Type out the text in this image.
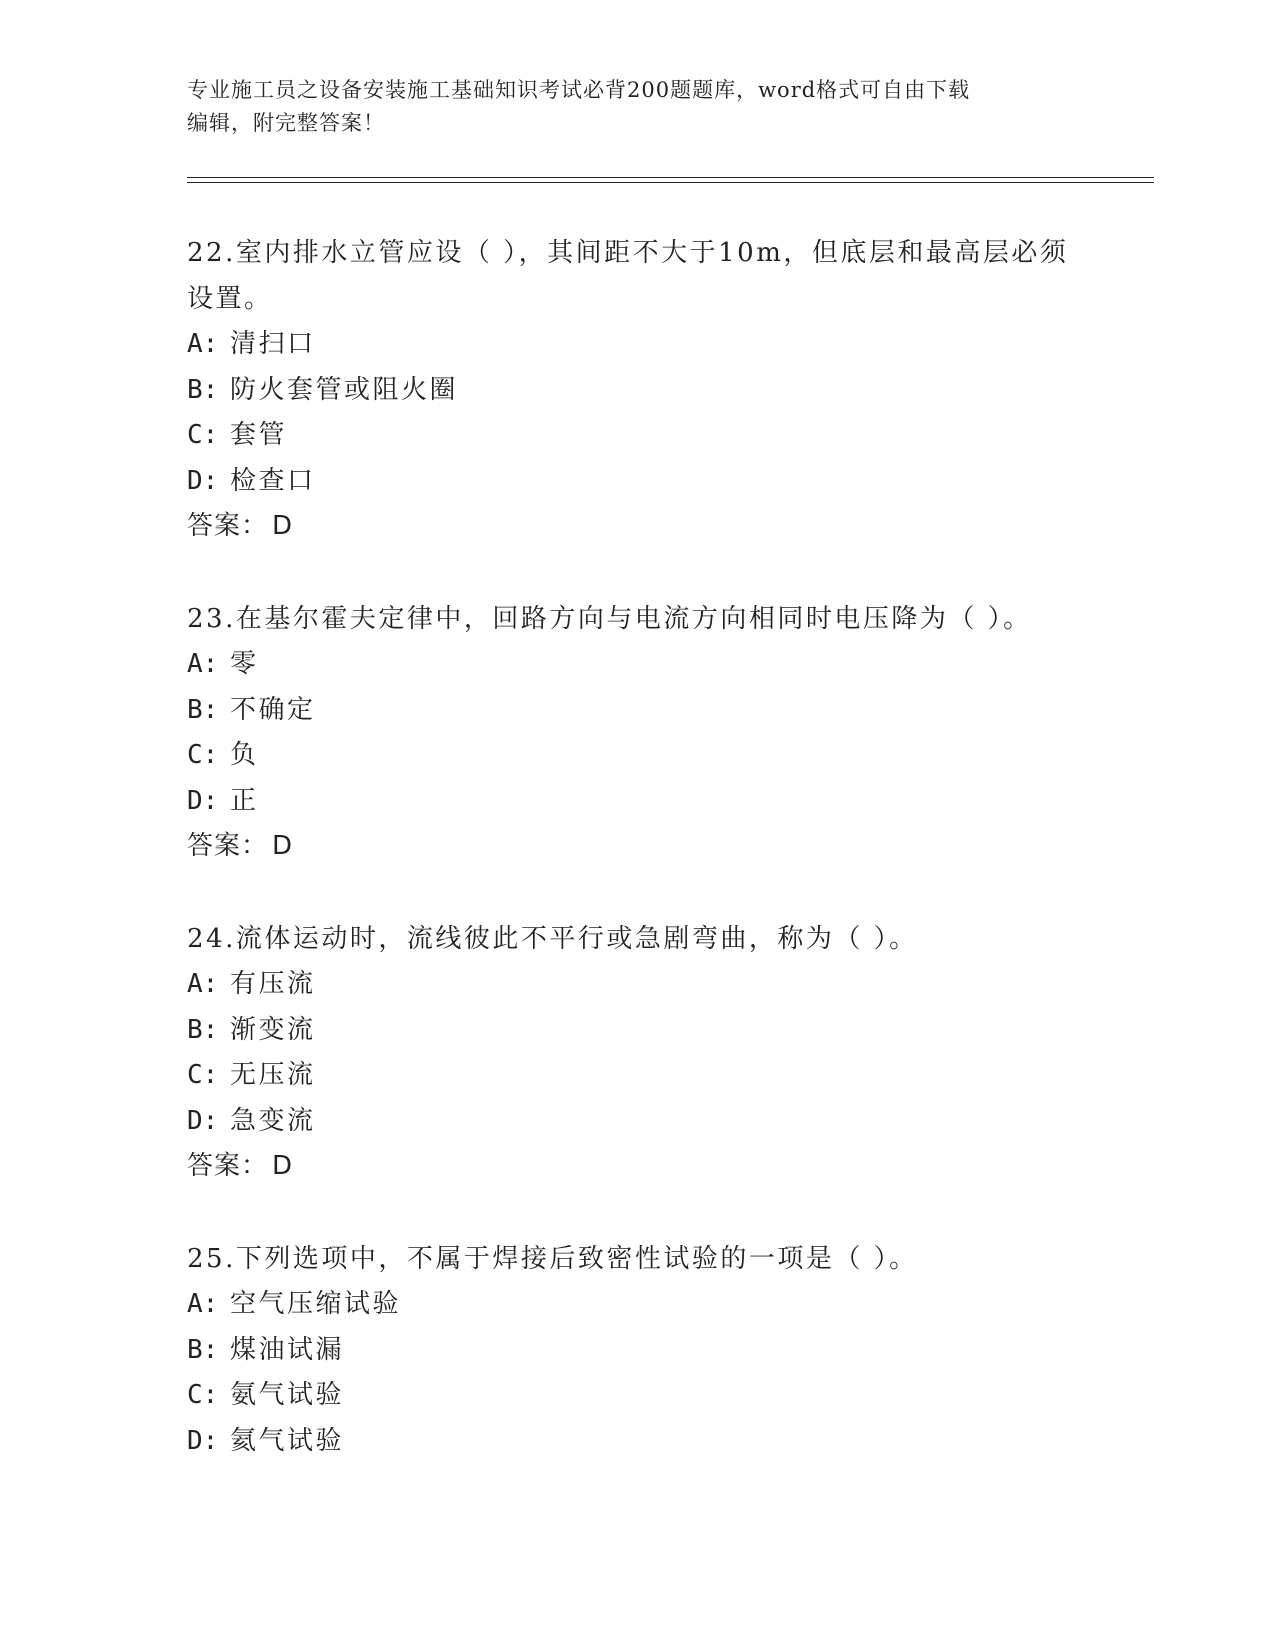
专业施工员之设备安装施工基础知识考试必背200题题库，word格式可自由下载
编辑，附完整答案！
22.室内排水立管应设（ ），其间距不大于10m，但底层和最高层必须
设置。
A: 清扫口
B: 防火套管或阻火圈
C: 套管
D: 检查口
答案： D
23.在基尔霍夫定律中，回路方向与电流方向相同时电压降为（ ）。
A: 零
B: 不确定
C: 负
D: 正
答案： D
24.流体运动时，流线彼此不平行或急剧弯曲，称为（ ）。
A: 有压流
B: 渐变流
C: 无压流
D: 急变流
答案： D
25.下列选项中，不属于焊接后致密性试验的一项是（ ）。
A: 空气压缩试验
B: 煤油试漏
C: 氨气试验
D: 氦气试验
